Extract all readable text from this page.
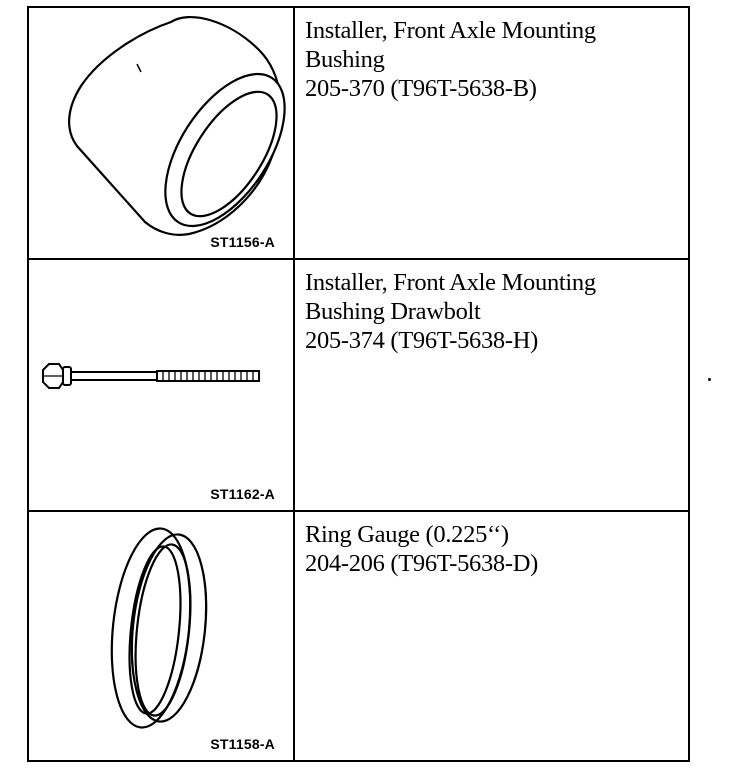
ST1156-A
Installer, Front Axle Mounting
Bushing
205-370 (T96T-5638-B)
ST1162-A
Installer, Front Axle Mounting
Bushing Drawbolt
205-374 (T96T-5638-H)
ST1158-A
Ring Gauge (0.225‘‘)
204-206 (T96T-5638-D)
